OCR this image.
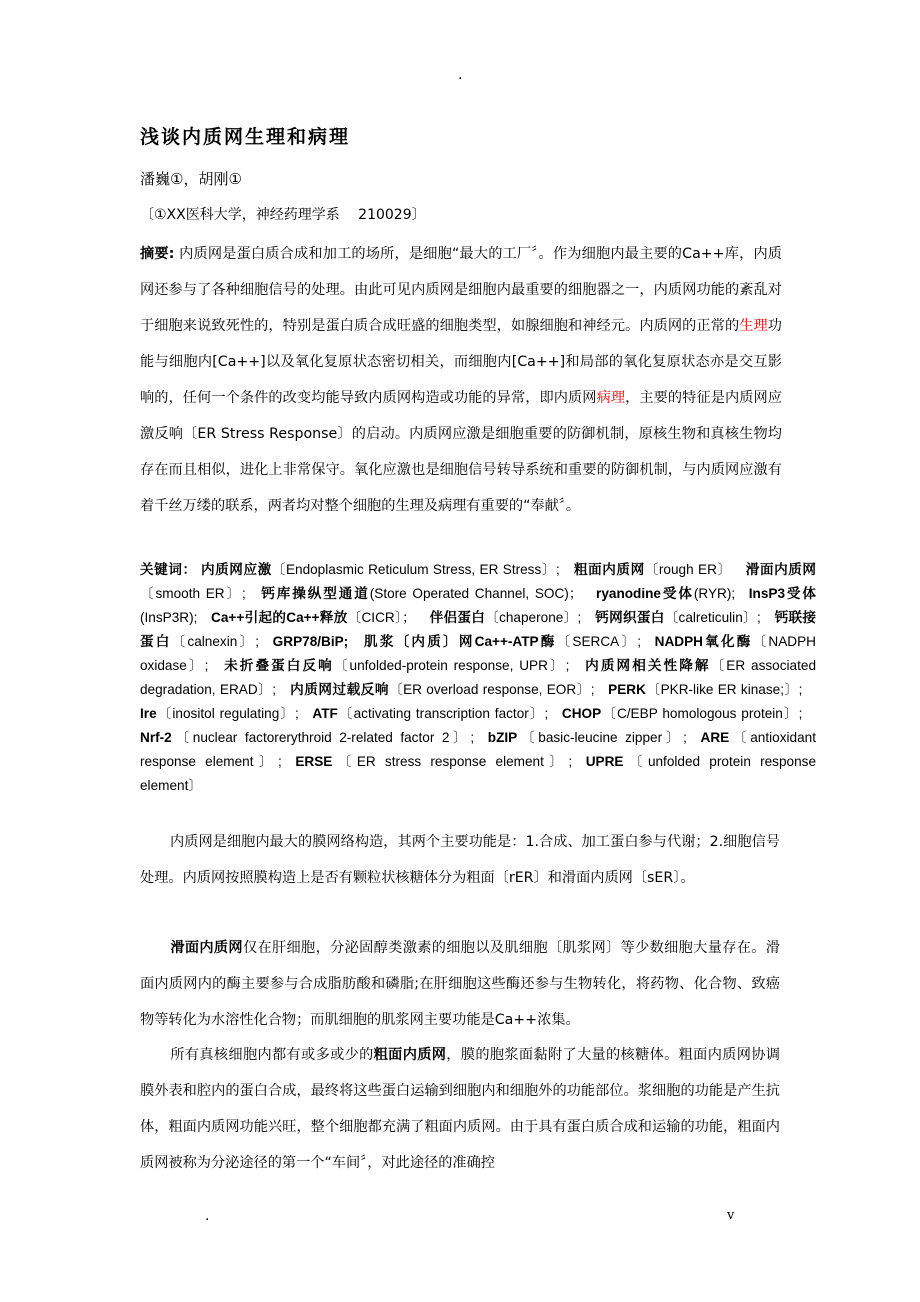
.
浅谈内质网生理和病理
潘巍①，胡刚①
〔①XX医科大学，神经药理学系　 210029〕
摘要: 内质网是蛋白质合成和加工的场所，是细胞“最大的工厂〞。作为细胞内最主要的Ca++库，内质网还参与了各种细胞信号的处理。由此可见内质网是细胞内最重要的细胞器之一，内质网功能的紊乱对于细胞来说致死性的，特别是蛋白质合成旺盛的细胞类型，如腺细胞和神经元。内质网的正常的生理功能与细胞内[Ca++]以及氧化复原状态密切相关，而细胞内[Ca++]和局部的氧化复原状态亦是交互影响的，任何一个条件的改变均能导致内质网构造或功能的异常，即内质网病理，主要的特征是内质网应激反响〔ER Stress Response〕的启动。内质网应激是细胞重要的防御机制，原核生物和真核生物均存在而且相似，进化上非常保守。氧化应激也是细胞信号转导系统和重要的防御机制，与内质网应激有着千丝万缕的联系，两者均对整个细胞的生理及病理有重要的“奉献〞。
关键词： 内质网应激〔Endoplasmic Reticulum Stress, ER Stress〕;  粗面内质网〔rough ER〕  滑面内质网〔smooth ER〕;  钙库操纵型通道(Store Operated Channel, SOC)；  ryanodine受体(RYR);  InsP3受体(InsP3R);  Ca++引起的Ca++释放〔CICR〕；  伴侣蛋白〔chaperone〕;  钙网织蛋白〔calreticulin〕;  钙联接蛋白〔calnexin〕;  GRP78/BiP;  肌浆〔内质〕网Ca++-ATP酶〔SERCA〕;  NADPH氧化酶〔NADPH oxidase〕;  未折叠蛋白反响〔unfolded-protein response, UPR〕;  内质网相关性降解〔ER associated degradation, ERAD〕;  内质网过载反响〔ER overload response, EOR〕;  PERK〔PKR-like ER kinase;〕; Ire〔inositol regulating〕;  ATF〔activating transcription factor〕;  CHOP〔C/EBP homologous protein〕; Nrf-2〔nuclear factorerythroid 2-related factor 2〕;  bZIP〔basic-leucine zipper〕;  ARE〔antioxidant response element〕;  ERSE〔ER stress response element〕;  UPRE〔unfolded protein response element〕 
内质网是细胞内最大的膜网络构造，其两个主要功能是：1.合成、加工蛋白参与代谢；2.细胞信号处理。内质网按照膜构造上是否有颗粒状核糖体分为粗面〔rER〕和滑面内质网〔sER〕。
滑面内质网仅在肝细胞，分泌固醇类激素的细胞以及肌细胞〔肌浆网〕等少数细胞大量存在。滑面内质网内的酶主要参与合成脂肪酸和磷脂;在肝细胞这些酶还参与生物转化，将药物、化合物、致癌物等转化为水溶性化合物；而肌细胞的肌浆网主要功能是Ca++浓集。
所有真核细胞内都有或多或少的粗面内质网，膜的胞浆面黏附了大量的核糖体。粗面内质网协调膜外表和腔内的蛋白合成，最终将这些蛋白运输到细胞内和细胞外的功能部位。浆细胞的功能是产生抗体，粗面内质网功能兴旺，整个细胞都充满了粗面内质网。由于具有蛋白质合成和运输的功能，粗面内质网被称为分泌途径的第一个“车间〞，对此途径的准确控
.	v
